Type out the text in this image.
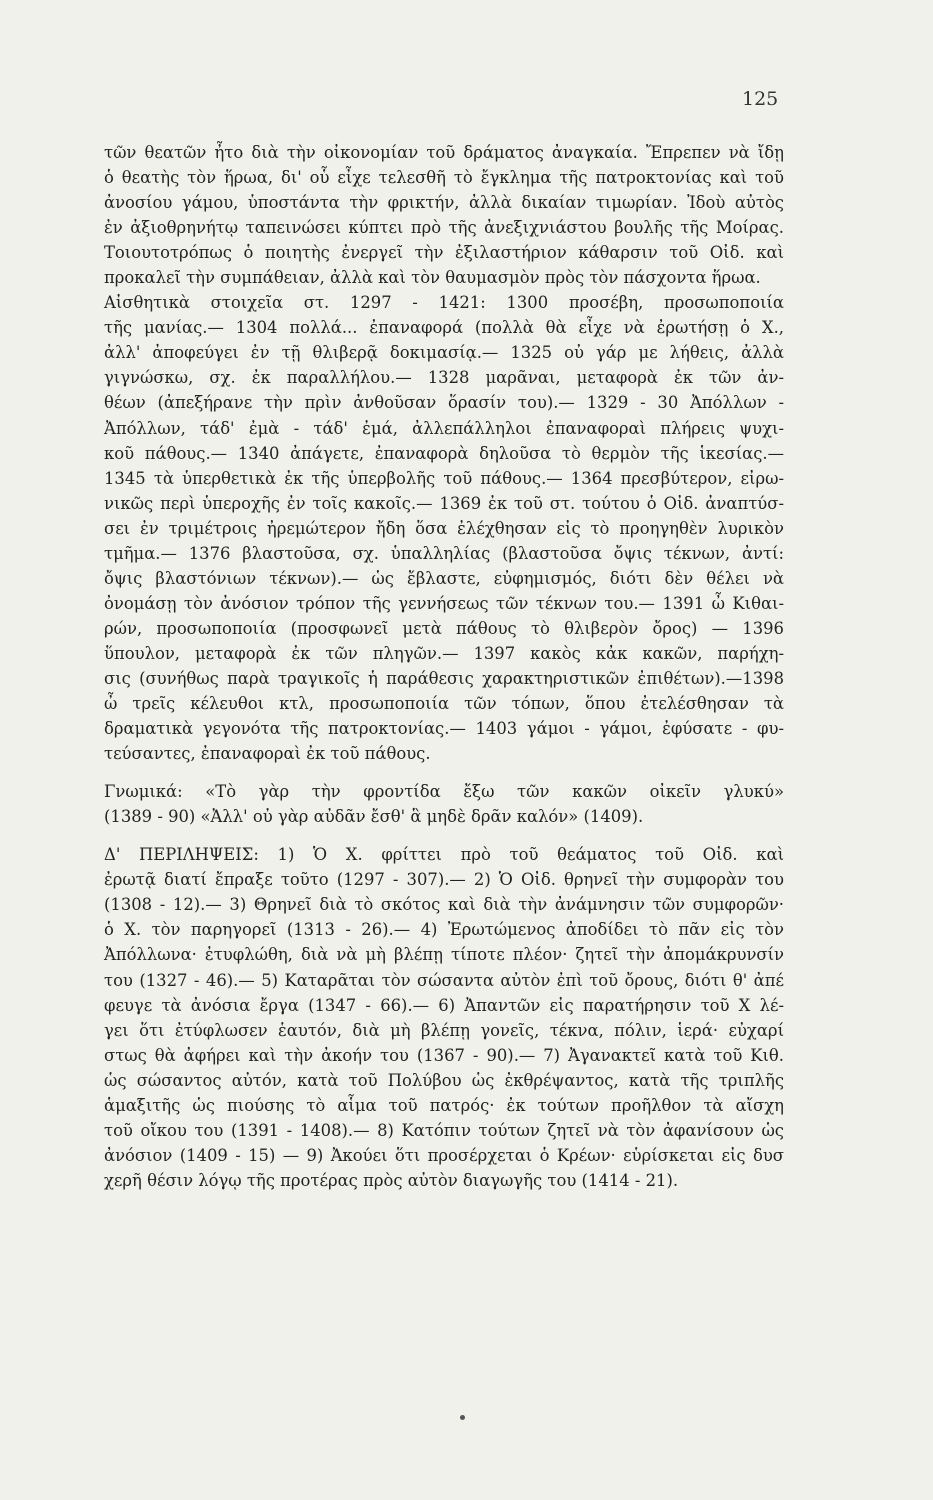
125
τῶν θεατῶν ἦτο διὰ τὴν οἰκονομίαν τοῦ δράματος ἀναγκαία. Ἔπρεπεν νὰ ἴδῃ
ὁ θεατὴς τὸν ἥρωα, δι' οὗ εἶχε τελεσθῆ τὸ ἔγκλημα τῆς πατροκτονίας καὶ τοῦ
ἀνοσίου γάμου, ὑποστάντα τὴν φρικτήν, ἀλλὰ δικαίαν τιμωρίαν. Ἰδοὺ αὐτὸς
ἐν ἀξιοθρηνήτῳ ταπεινώσει κύπτει πρὸ τῆς ἀνεξιχνιάστου βουλῆς τῆς Μοίρας.
Τοιουτοτρόπως ὁ ποιητὴς ἐνεργεῖ τὴν ἐξιλαστήριον κάθαρσιν τοῦ Οἰδ. καὶ
προκαλεῖ τὴν συμπάθειαν, ἀλλὰ καὶ τὸν θαυμασμὸν πρὸς τὸν πάσχοντα ἥρωα.
Αἰσθητικὰ στοιχεῖα στ. 1297 - 1421: 1300 προσέβη, προσωποποιία
τῆς μανίας.— 1304 πολλά... ἐπαναφορά (πολλὰ θὰ εἶχε νὰ ἐρωτήσῃ ὁ Χ.,
ἀλλ' ἀποφεύγει ἐν τῇ θλιβερᾷ δοκιμασίᾳ.— 1325 οὐ γάρ με λήθεις, ἀλλὰ
γιγνώσκω, σχ. ἐκ παραλλήλου.— 1328 μαρᾶναι, μεταφορὰ ἐκ τῶν ἀν-
θέων (ἀπεξήρανε τὴν πρὶν ἀνθοῦσαν ὅρασίν του).— 1329 - 30 Ἀπόλλων -
Ἀπόλλων, τάδ' ἐμὰ - τάδ' ἐμά, ἀλλεπάλληλοι ἐπαναφοραὶ πλήρεις ψυχι-
κοῦ πάθους.— 1340 ἀπάγετε, ἐπαναφορὰ δηλοῦσα τὸ θερμὸν τῆς ἱκεσίας.—
1345 τὰ ὑπερθετικὰ ἐκ τῆς ὑπερβολῆς τοῦ πάθους.— 1364 πρεσβύτερον, εἰρω-
νικῶς περὶ ὑπεροχῆς ἐν τοῖς κακοῖς.— 1369 ἐκ τοῦ στ. τούτου ὁ Οἰδ. ἀναπτύσ-
σει ἐν τριμέτροις ἠρεμώτερον ἤδη ὅσα ἐλέχθησαν εἰς τὸ προηγηθὲν λυρικὸν
τμῆμα.— 1376 βλαστοῦσα, σχ. ὑπαλληλίας (βλαστοῦσα ὄψις τέκνων, ἀντί:
ὄψις βλαστόνιων τέκνων).— ὡς ἔβλαστε, εὐφημισμός, διότι δὲν θέλει νὰ
ὀνομάσῃ τὸν ἀνόσιον τρόπον τῆς γεννήσεως τῶν τέκνων του.— 1391 ὦ Κιθαι-
ρών, προσωποποιία (προσφωνεῖ μετὰ πάθους τὸ θλιβερὸν ὄρος) — 1396
ὕπουλον, μεταφορὰ ἐκ τῶν πληγῶν.— 1397 κακὸς κἀκ κακῶν, παρήχη-
σις (συνήθως παρὰ τραγικοῖς ἡ παράθεσις χαρακτηριστικῶν ἐπιθέτων).—1398
ὦ τρεῖς κέλευθοι κτλ, προσωποποιία τῶν τόπων, ὅπου ἐτελέσθησαν τὰ
δραματικὰ γεγονότα τῆς πατροκτονίας.— 1403 γάμοι - γάμοι, ἐφύσατε - φυ-
τεύσαντες, ἐπαναφοραὶ ἐκ τοῦ πάθους.
Γνωμικά: «Τὸ γὰρ τὴν φροντίδα ἔξω τῶν κακῶν οἰκεῖν γλυκύ»
(1389 - 90) «Ἀλλ' οὐ γὰρ αὐδᾶν ἔσθ' ἃ μηδὲ δρᾶν καλόν» (1409).
Δ' ΠΕΡΙΛΗΨΕΙΣ: 1) Ὁ Χ. φρίττει πρὸ τοῦ θεάματος τοῦ Οἰδ. καὶ
ἐρωτᾷ διατί ἔπραξε τοῦτο (1297 - 307).— 2) Ὁ Οἰδ. θρηνεῖ τὴν συμφορὰν του
(1308 - 12).— 3) Θρηνεῖ διὰ τὸ σκότος καὶ διὰ τὴν ἀνάμνησιν τῶν συμφορῶν·
ὁ Χ. τὸν παρηγορεῖ (1313 - 26).— 4) Ἐρωτώμενος ἀποδίδει τὸ πᾶν εἰς τὸν
Ἀπόλλωνα· ἐτυφλώθη, διὰ νὰ μὴ βλέπῃ τίποτε πλέον· ζητεῖ τὴν ἀπομάκρυνσίν
του (1327 - 46).— 5) Καταρᾶται τὸν σώσαντα αὐτὸν ἐπὶ τοῦ ὄρους, διότι θ' ἀπέ
φευγε τὰ ἀνόσια ἔργα (1347 - 66).— 6) Ἀπαντῶν εἰς παρατήρησιν τοῦ Χ λέ-
γει ὅτι ἐτύφλωσεν ἑαυτόν, διὰ μὴ βλέπῃ γονεῖς, τέκνα, πόλιν, ἱερά· εὐχαρί
στως θὰ ἀφήρει καὶ τὴν ἀκοήν του (1367 - 90).— 7) Ἀγανακτεῖ κατὰ τοῦ Κιθ.
ὡς σώσαντος αὐτόν, κατὰ τοῦ Πολύβου ὡς ἐκθρέψαντος, κατὰ τῆς τριπλῆς
ἁμαξιτῆς ὡς πιούσης τὸ αἷμα τοῦ πατρός· ἐκ τούτων προῆλθον τὰ αἴσχη
τοῦ οἴκου του (1391 - 1408).— 8) Κατόπιν τούτων ζητεῖ νὰ τὸν ἀφανίσουν ὡς
ἀνόσιον (1409 - 15) — 9) Ἀκούει ὅτι προσέρχεται ὁ Κρέων· εὑρίσκεται εἰς δυσ
χερῆ θέσιν λόγῳ τῆς προτέρας πρὸς αὐτὸν διαγωγῆς του (1414 - 21).
